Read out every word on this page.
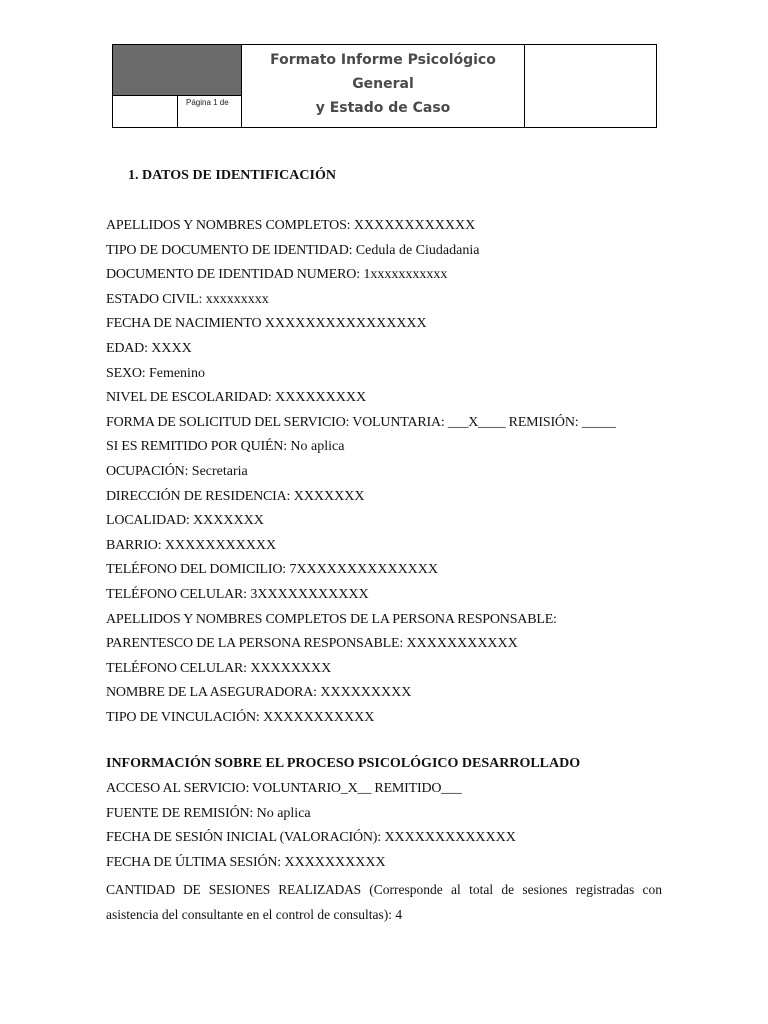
Página 1 de
Formato Informe Psicológico General
y Estado de Caso
1. DATOS DE IDENTIFICACIÓN
APELLIDOS Y NOMBRES COMPLETOS: XXXXXXXXXXXX
TIPO DE DOCUMENTO DE IDENTIDAD: Cedula de Ciudadania
DOCUMENTO DE IDENTIDAD NUMERO: 1xxxxxxxxxxx
ESTADO CIVIL: xxxxxxxxx
FECHA DE NACIMIENTO XXXXXXXXXXXXXXXX
EDAD: XXXX
SEXO: Femenino
NIVEL DE ESCOLARIDAD: XXXXXXXXX
FORMA DE SOLICITUD DEL SERVICIO: VOLUNTARIA: ___X____ REMISIÓN: _____
SI ES REMITIDO POR QUIÉN: No aplica
OCUPACIÓN: Secretaria
DIRECCIÓN DE RESIDENCIA: XXXXXXX
LOCALIDAD: XXXXXXX
BARRIO: XXXXXXXXXXX
TELÉFONO DEL DOMICILIO: 7XXXXXXXXXXXXXX
TELÉFONO CELULAR: 3XXXXXXXXXXX
APELLIDOS Y NOMBRES COMPLETOS DE LA PERSONA RESPONSABLE:
PARENTESCO DE LA PERSONA RESPONSABLE: XXXXXXXXXXX
TELÉFONO CELULAR: XXXXXXXX
NOMBRE DE LA ASEGURADORA: XXXXXXXXX
TIPO DE VINCULACIÓN: XXXXXXXXXXX
INFORMACIÓN SOBRE EL PROCESO PSICOLÓGICO DESARROLLADO
ACCESO AL SERVICIO: VOLUNTARIO_X__ REMITIDO___
FUENTE DE REMISIÓN: No aplica
FECHA DE SESIÓN INICIAL (VALORACIÓN): XXXXXXXXXXXXX
FECHA DE ÚLTIMA SESIÓN: XXXXXXXXXX
CANTIDAD DE SESIONES REALIZADAS (Corresponde al total de sesiones registradas con asistencia del consultante en el control de consultas): 4
